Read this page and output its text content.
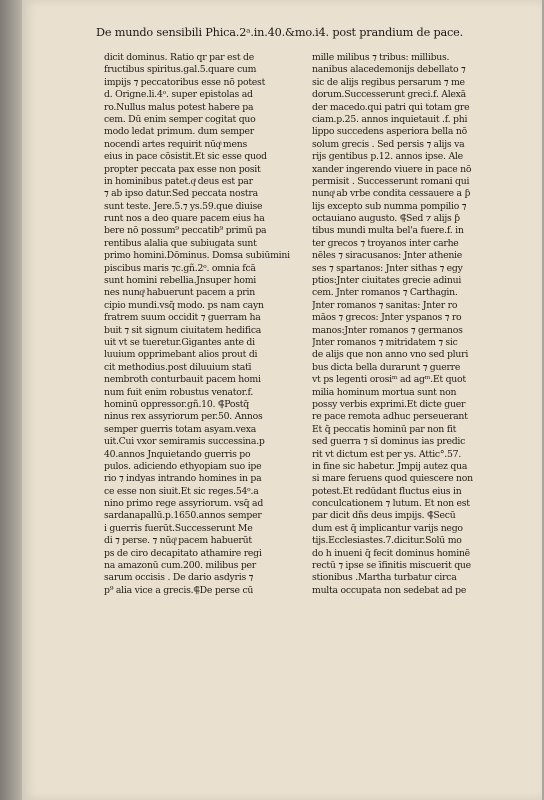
De mundo sensibili Phica.2ᵃ.in.40.&mo.i4. post prandium de pace.
dicit dominus. Ratio qr par est de
fructibus spiritus.gal.5.quare cum
impijs ⁊ peccatoribus esse nō potest
d. Origne.li.4ᵒ. super epistolas ad
ro.Nullus malus potest habere pa
cem. Dū enim semper cogitat quo
modo ledat primum. dum semper
nocendi artes requirit nūqͣ mens
eius in pace cōsistit.Et sic esse quod
propter peccata pax esse non posit
in hominibus patet.qͣ deus est par
⁊ ab ipso datur.Sed peccata nostra
sunt teste. Jere.5.⁊ ys.59.que diuise
runt nos a deo quare pacem eius ha
bere nō possum⁹ peccatib⁹ primū pa
rentibus alalia que subiugata sunt
primo homini.Dōminus. Domsa subiūmini
piscibus maris ⁊c.gñ.2ᵒ. omnia fcā
sunt homini rebellia.Jnsuper homi
nes nunqͣ habuerunt pacem a prin
cipio mundi.vsq̄ modo. ps nam cayn
fratrem suum occidit ⁊ guerram ha
buit ⁊ sit signum ciuitatem hedifica
uit vt se tueretur.Gigantes ante di
luuium opprimebant alios prout di
cit methodius.post diluuium statī
nembroth conturbauit pacem homi
num fuit enim robustus venator.f.
hominū oppressor.gñ.10. ⸿Postq̄
ninus rex assyriorum per.50. Annos
semper guerris totam asyam.vexa
uit.Cui vxor semiramis successina.p
40.annos Jnquietando guerris po
pulos. adiciendo ethyopiam suo ipe
rio ⁊ indyas intrando homines in pa
ce esse non siuit.Et sic reges.54ᵒ.a
nino primo rege assyriorum. vsq̄ ad
sardanapallū.p.1650.annos semper
i guerris fuerūt.Successerunt Me
di ⁊ perse. ⁊ nūqͣ pacem habuerūt
ps de ciro decapitato athamire regi
na amazonū cum.200. milibus per
sarum occisis . De dario asdyris ⁊
p⁹ alia vice a grecis.⸿De perse cū
mille milibus ⁊ tribus: millibus.
nanibus alacedemonijs debellato ⁊
sic de alijs regibus persarum ⁊ me
dorum.Successerunt greci.f. Alexā
der macedo.qui patri qui totam gre
ciam.p.25. annos inquietauit .f. phi
lippo succedens asperiora bella nō
solum grecis . Sed persis ⁊ alijs va
rijs gentibus p.12. annos ipse. Ale
xander ingerendo viuere in pace nō
permisit . Successerunt romani qui
nunqͣ ab vrbe condita cessauere a ƥ
lijs excepto sub numma pompilio ⁊
octauiano augusto. ⸿Sed ⁊ alijs ƥ
tibus mundi multa bel'a fuere.f. in
ter grecos ⁊ troyanos inter carhe
nēles ⁊ siracusanos: Jnter athenie
ses ⁊ spartanos: Jnter sithas ⁊ egy
ptios:Jnter ciuitates grecie adinui
cem. Jnter romanos ⁊ Carthagin.
Jnter romanos ⁊ sanitas: Jnter ro
māos ⁊ grecos: Jnter yspanos ⁊ ro
manos:Jnter romanos ⁊ germanos
Jnter romanos ⁊ mitridatem ⁊ sic
de alijs que non anno vno sed pluri
bus dicta bella durarunt ⁊ guerre
vt ps legenti orosiᵐ ad agᵐ.Et quot
milia hominum mortua sunt non
possy verbis exprimi.Et dicte guer
re pace remota adhuc perseuerant
Et q̄ peccatis hominū par non fit
sed guerra ⁊ sī dominus ias predic
rit vt dictum est per ys. Attic°.57.
in fine sic habetur. Jmpij autez qua
si mare feruens quod quiescere non
potest.Et redūdant fluctus eius in
conculcationem ⁊ lutum. Et non est
par dicit dñs deus impijs. ⸿Secū
dum est q̄ implicantur varijs nego
tijs.Ecclesiastes.7.dicitur.Solū mo
do h inueni q̄ fecit dominus hominē
rectū ⁊ ipse se īfinitis miscuerit que
stionibus .Martha turbatur circa
multa occupata non sedebat ad pe
